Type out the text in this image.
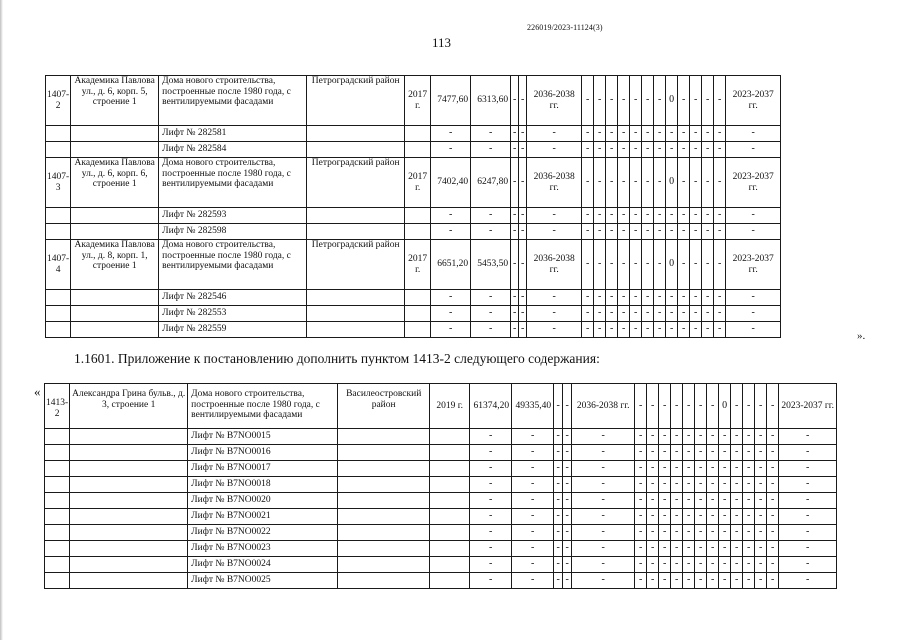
226019/2023-11124(3)
113
1407-2	Академика Павлова ул., д. 6, корп. 5, строение 1	Дома нового строительства, построенные после 1980 года, с вентилируемыми фасадами	Петроградский район	2017 г.	7477,60	6313,60	-	-	2036-2038 гг.	-	-	-	-	-	-	-	0	-	-	-	-	2023-2037 гг.
		Лифт № 282581			-	-	-	-	-	-	-	-	-	-	-	-	-	-	-	-	-	-
		Лифт № 282584			-	-	-	-	-	-	-	-	-	-	-	-	-	-	-	-	-	-
1407-3	Академика Павлова ул., д. 6, корп. 6, строение 1	Дома нового строительства, построенные после 1980 года, с вентилируемыми фасадами	Петроградский район	2017 г.	7402,40	6247,80	-	-	2036-2038 гг.	-	-	-	-	-	-	-	0	-	-	-	-	2023-2037 гг.
		Лифт № 282593			-	-	-	-	-	-	-	-	-	-	-	-	-	-	-	-	-	-
		Лифт № 282598			-	-	-	-	-	-	-	-	-	-	-	-	-	-	-	-	-	-
1407-4	Академика Павлова ул., д. 8, корп. 1, строение 1	Дома нового строительства, построенные после 1980 года, с вентилируемыми фасадами	Петроградский район	2017 г.	6651,20	5453,50	-	-	2036-2038 гг.	-	-	-	-	-	-	-	0	-	-	-	-	2023-2037 гг.
		Лифт № 282546			-	-	-	-	-	-	-	-	-	-	-	-	-	-	-	-	-	-
		Лифт № 282553			-	-	-	-	-	-	-	-	-	-	-	-	-	-	-	-	-	-
		Лифт № 282559			-	-	-	-	-	-	-	-	-	-	-	-	-	-	-	-	-	-
».
1.1601. Приложение к постановлению дополнить пунктом 1413-2 следующего содержания:
«
1413-2	Александра Грина бульв., д. 3, строение 1	Дома нового строительства, построенные после 1980 года, с вентилируемыми фасадами	Василеостровский район	2019 г.	61374,20	49335,40	-	-	2036-2038 гг.	-	-	-	-	-	-	-	0	-	-	-	-	2023-2037 гг.
		Лифт № B7NO0015			-	-	-	-	-	-	-	-	-	-	-	-	-	-	-	-	-	-
		Лифт № B7NO0016			-	-	-	-	-	-	-	-	-	-	-	-	-	-	-	-	-	-
		Лифт № B7NO0017			-	-	-	-	-	-	-	-	-	-	-	-	-	-	-	-	-	-
		Лифт № B7NO0018			-	-	-	-	-	-	-	-	-	-	-	-	-	-	-	-	-	-
		Лифт № B7NO0020			-	-	-	-	-	-	-	-	-	-	-	-	-	-	-	-	-	-
		Лифт № B7NO0021			-	-	-	-	-	-	-	-	-	-	-	-	-	-	-	-	-	-
		Лифт № B7NO0022			-	-	-	-	-	-	-	-	-	-	-	-	-	-	-	-	-	-
		Лифт № B7NO0023			-	-	-	-	-	-	-	-	-	-	-	-	-	-	-	-	-	-
		Лифт № B7NO0024			-	-	-	-	-	-	-	-	-	-	-	-	-	-	-	-	-	-
		Лифт № B7NO0025			-	-	-	-	-	-	-	-	-	-	-	-	-	-	-	-	-	-
